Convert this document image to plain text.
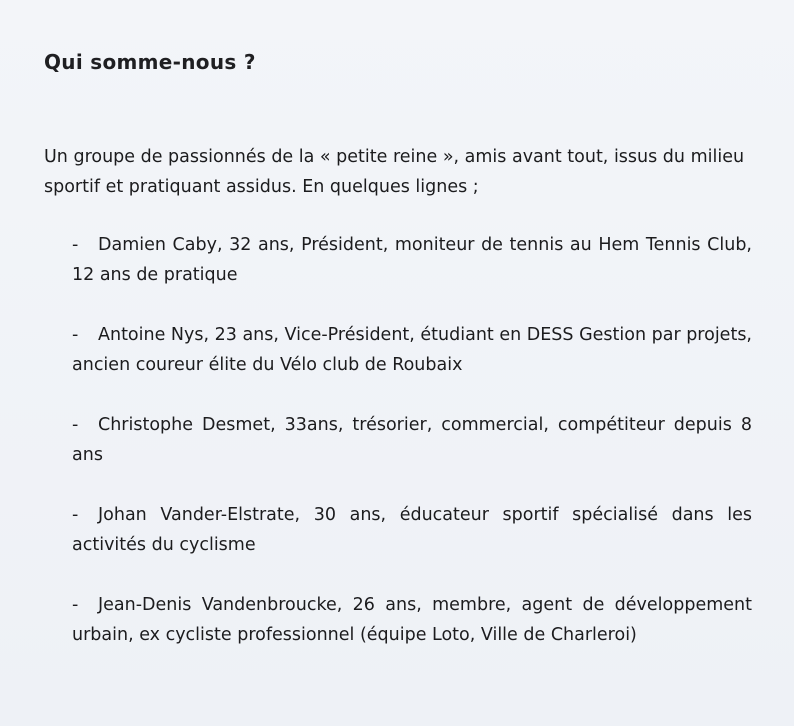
Qui somme-nous ?
Un groupe de passionnés de la « petite reine », amis avant tout, issus du milieu sportif et pratiquant assidus. En quelques lignes ;
- Damien Caby, 32 ans, Président, moniteur de tennis au Hem Tennis Club, 12 ans de pratique
- Antoine Nys, 23 ans, Vice-Président, étudiant en DESS Gestion par projets, ancien coureur élite du Vélo club de Roubaix
- Christophe Desmet, 33ans, trésorier, commercial, compétiteur depuis 8 ans
- Johan Vander-Elstrate, 30 ans, éducateur sportif spécialisé dans les activités du cyclisme
- Jean-Denis Vandenbroucke, 26 ans, membre, agent de développement urbain, ex cycliste professionnel (équipe Loto, Ville de Charleroi)
